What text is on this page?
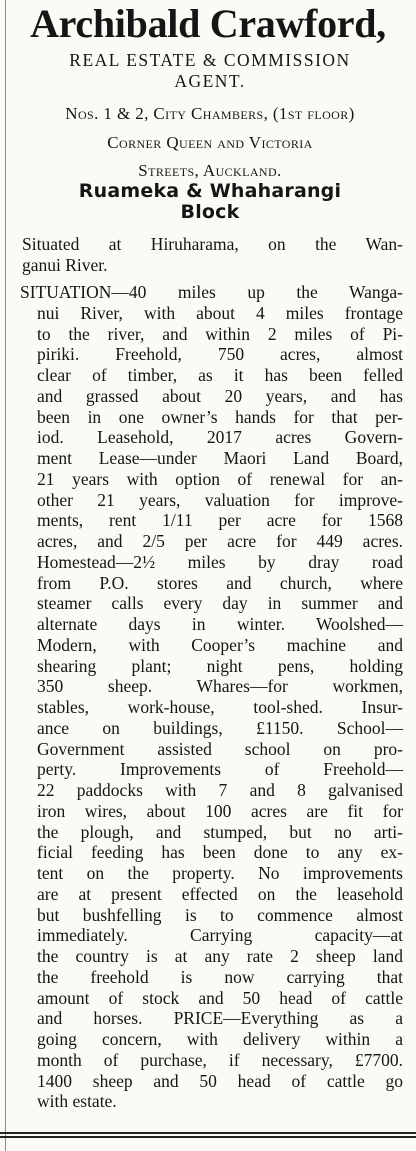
Archibald Crawford,
REAL ESTATE & COMMISSION
AGENT.
Nos. 1 & 2, City Chambers, (1st floor)
Corner Queen and Victoria
Streets, Auckland.
Ruameka & Whaharangi
Block
Situated at Hiruharama, on the Wan-
ganui River.
SITUATION—40 miles up the Wanga-
nui River, with about 4 miles frontage
to the river, and within 2 miles of Pi-
piriki. Freehold, 750 acres, almost
clear of timber, as it has been felled
and grassed about 20 years, and has
been in one owner’s hands for that per-
iod. Leasehold, 2017 acres Govern-
ment Lease—under Maori Land Board,
21 years with option of renewal for an-
other 21 years, valuation for improve-
ments, rent 1/11 per acre for 1568
acres, and 2/5 per acre for 449 acres.
Homestead—2½ miles by dray road
from P.O. stores and church, where
steamer calls every day in summer and
alternate days in winter. Woolshed—
Modern, with Cooper’s machine and
shearing plant; night pens, holding
350 sheep. Whares—for workmen,
stables, work-house, tool-shed. Insur-
ance on buildings, £1150. School—
Government assisted school on pro-
perty. Improvements of Freehold—
22 paddocks with 7 and 8 galvanised
iron wires, about 100 acres are fit for
the plough, and stumped, but no arti-
ficial feeding has been done to any ex-
tent on the property. No improvements
are at present effected on the leasehold
but bushfelling is to commence almost
immediately. Carrying capacity—at
the country is at any rate 2 sheep land
the freehold is now carrying that
amount of stock and 50 head of cattle
and horses. PRICE—Everything as a
going concern, with delivery within a
month of purchase, if necessary, £7700.
1400 sheep and 50 head of cattle go
with estate.
